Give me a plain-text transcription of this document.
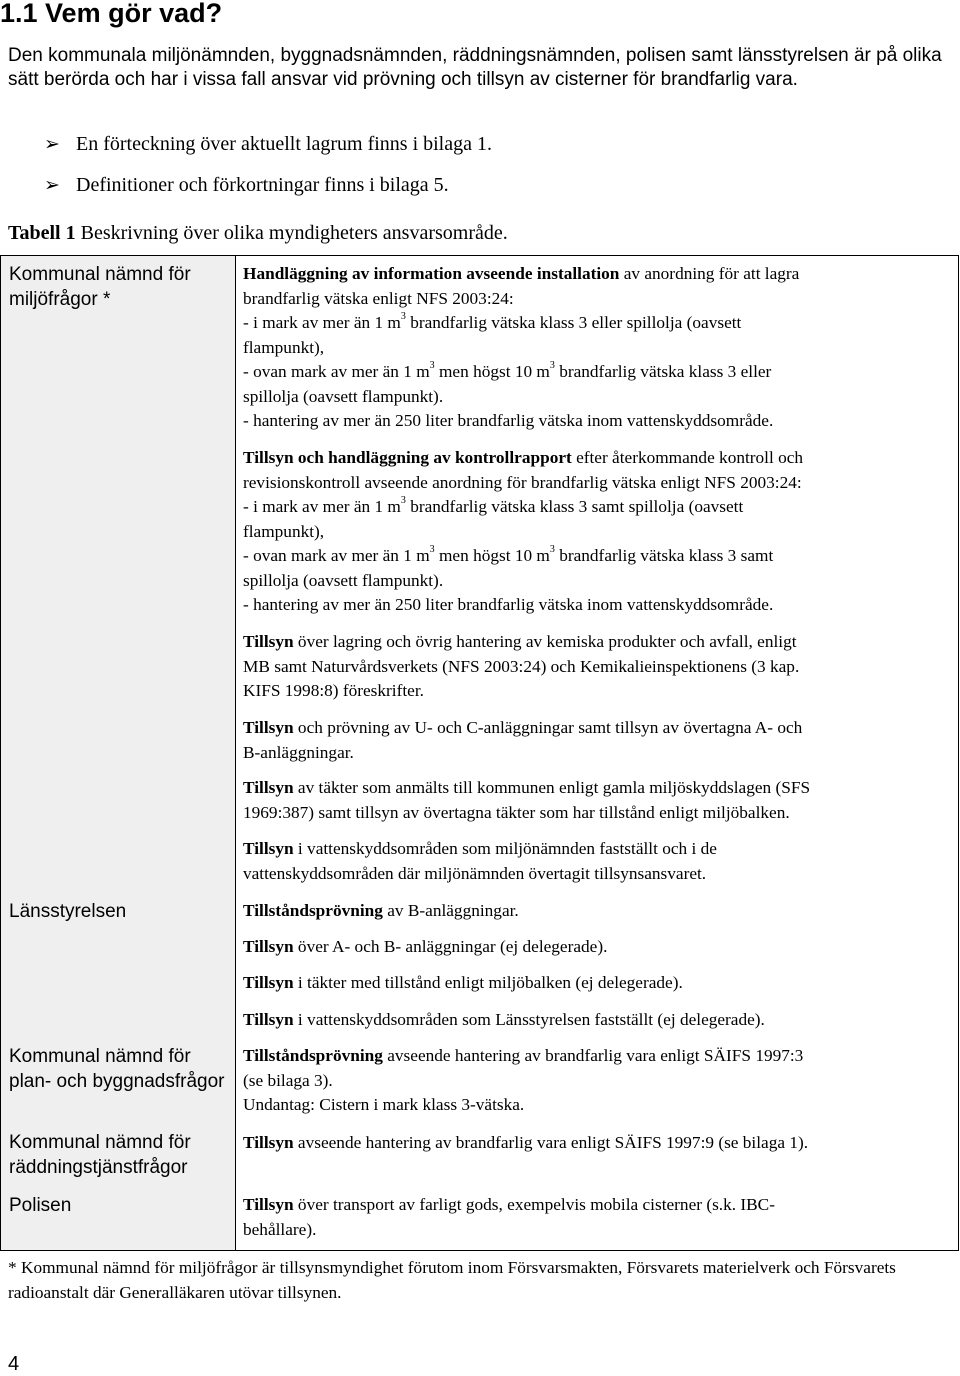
1.1 Vem gör vad?
Den kommunala miljönämnden, byggnadsnämnden, räddningsnämnden, polisen samt länsstyrelsen är på olika sätt berörda och har i vissa fall ansvar vid prövning och tillsyn av cisterner för brandfarlig vara.
➢ En förteckning över aktuellt lagrum finns i bilaga 1.
➢ Definitioner och förkortningar finns i bilaga 5.
Tabell 1 Beskrivning över olika myndigheters ansvarsområde.
Kommunal nämnd för miljöfrågor *
Länsstyrelsen
Kommunal nämnd för plan- och byggnadsfrågor
Kommunal nämnd för räddningstjänstfrågor
Polisen
Handläggning av information avseende installation av anordning för att lagra
brandfarlig vätska enligt NFS 2003:24:
- i mark av mer än 1 $m^3$ brandfarlig vätska klass 3 eller spillolja (oavsett
flampunkt),
- ovan mark av mer än 1 $m^3$ men högst 10 $m^3$ brandfarlig vätska klass 3 eller
spillolja (oavsett flampunkt).
- hantering av mer än 250 liter brandfarlig vätska inom vattenskyddsområde.
Tillsyn och handläggning av kontrollrapport efter återkommande kontroll och
revisionskontroll avseende anordning för brandfarlig vätska enligt NFS 2003:24:
- i mark av mer än 1 $m^3$ brandfarlig vätska klass 3 samt spillolja (oavsett
flampunkt),
- ovan mark av mer än 1 $m^3$ men högst 10 $m^3$ brandfarlig vätska klass 3 samt
spillolja (oavsett flampunkt).
- hantering av mer än 250 liter brandfarlig vätska inom vattenskyddsområde.
Tillsyn över lagring och övrig hantering av kemiska produkter och avfall, enligt
MB samt Naturvårdsverkets (NFS 2003:24) och Kemikalieinspektionens (3 kap.
KIFS 1998:8) föreskrifter.
Tillsyn och prövning av U- och C-anläggningar samt tillsyn av övertagna A- och
B-anläggningar.
Tillsyn av täkter som anmälts till kommunen enligt gamla miljöskyddslagen (SFS
1969:387) samt tillsyn av övertagna täkter som har tillstånd enligt miljöbalken.
Tillsyn i vattenskyddsområden som miljönämnden fastställt och i de
vattenskyddsområden där miljönämnden övertagit tillsynsansvaret.
Tillståndsprövning av B-anläggningar.
Tillsyn över A- och B- anläggningar (ej delegerade).
Tillsyn i täkter med tillstånd enligt miljöbalken (ej delegerade).
Tillsyn i vattenskyddsområden som Länsstyrelsen fastställt (ej delegerade).
Tillståndsprövning avseende hantering av brandfarlig vara enligt SÄIFS 1997:3
(se bilaga 3).
Undantag: Cistern i mark klass 3-vätska.
Tillsyn avseende hantering av brandfarlig vara enligt SÄIFS 1997:9 (se bilaga 1).
Tillsyn över transport av farligt gods, exempelvis mobila cisterner (s.k. IBC-
behållare).
* Kommunal nämnd för miljöfrågor är tillsynsmyndighet förutom inom Försvarsmakten, Försvarets materielverk och Försvarets radioanstalt där Generalläkaren utövar tillsynen.
4
